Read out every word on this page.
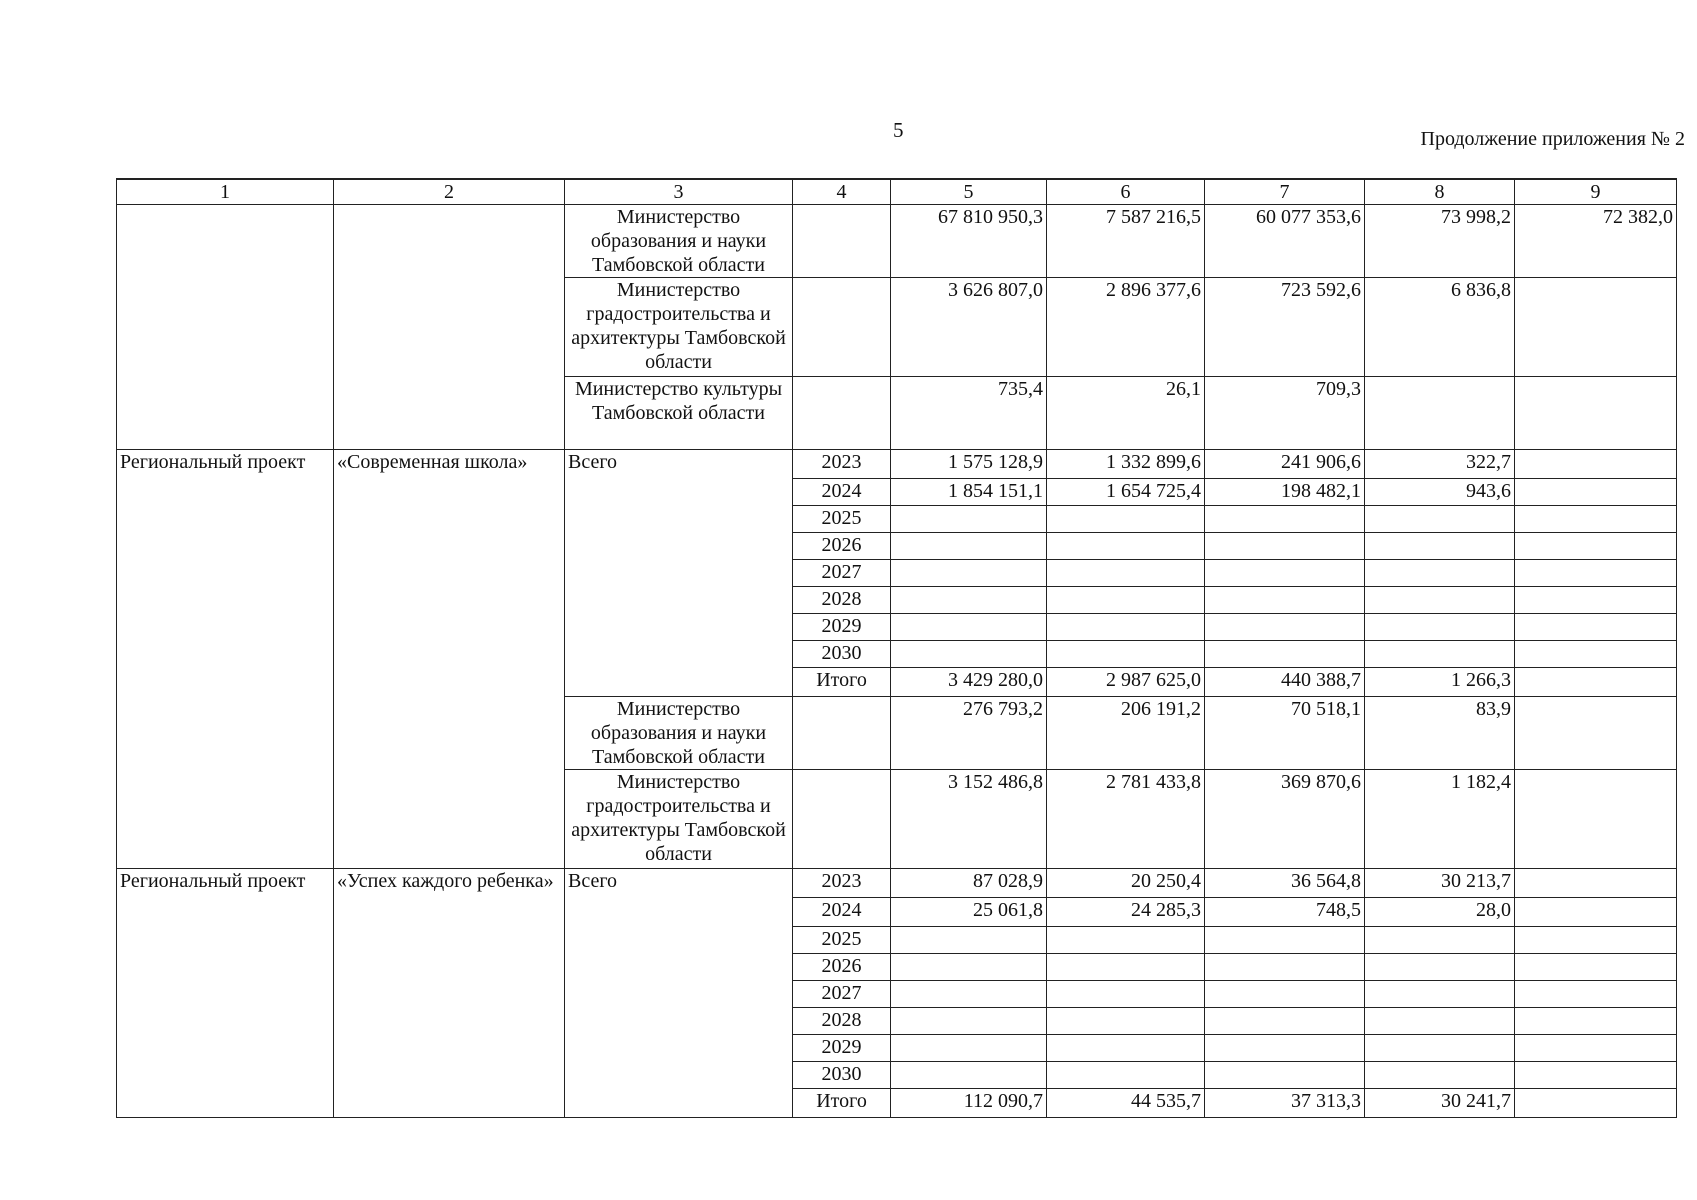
5	Продолжение приложения № 2
1	2	3	4	5	6	7	8	9
		Министерство образования и науки Тамбовской области		67 810 950,3	7 587 216,5	60 077 353,6	73 998,2	72 382,0
		Министерство градостроительства и архитектуры Тамбовской области		3 626 807,0	2 896 377,6	723 592,6	6 836,8	
		Министерство культуры Тамбовской области		735,4	26,1	709,3		
Региональный проект	«Современная школа»	Всего	2023	1 575 128,9	1 332 899,6	241 906,6	322,7	
			2024	1 854 151,1	1 654 725,4	198 482,1	943,6	
			2025					
			2026					
			2027					
			2028					
			2029					
			2030					
			Итого	3 429 280,0	2 987 625,0	440 388,7	1 266,3	
		Министерство образования и науки Тамбовской области		276 793,2	206 191,2	70 518,1	83,9	
		Министерство градостроительства и архитектуры Тамбовской области		3 152 486,8	2 781 433,8	369 870,6	1 182,4	
Региональный проект	«Успех каждого ребенка»	Всего	2023	87 028,9	20 250,4	36 564,8	30 213,7	
			2024	25 061,8	24 285,3	748,5	28,0	
			2025					
			2026					
			2027					
			2028					
			2029					
			2030					
			Итого	112 090,7	44 535,7	37 313,3	30 241,7	
